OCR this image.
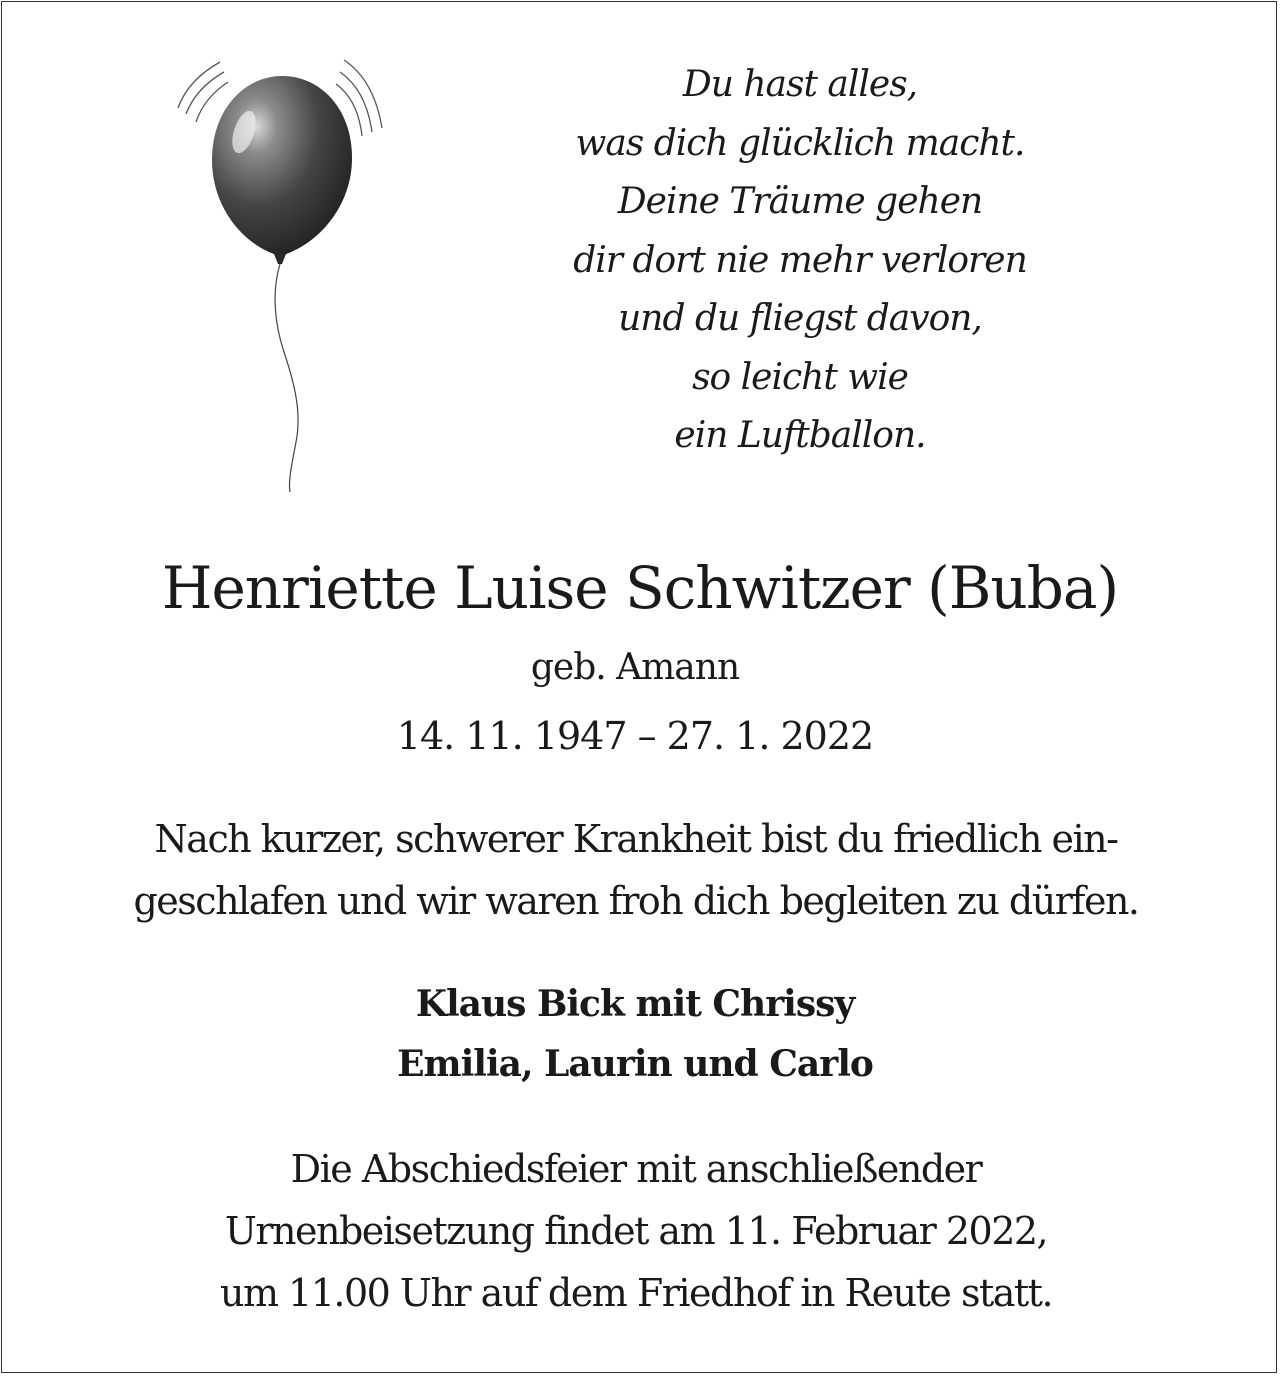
Du hast alles,
was dich glücklich macht.
Deine Träume gehen
dir dort nie mehr verloren
und du fliegst davon,
so leicht wie
ein Luftballon.
Henriette Luise Schwitzer (Buba)
geb. Amann
14. 11. 1947 – 27. 1. 2022
Nach kurzer, schwerer Krankheit bist du friedlich ein-
geschlafen und wir waren froh dich begleiten zu dürfen.
Klaus Bick mit Chrissy
Emilia, Laurin und Carlo
Die Abschiedsfeier mit anschließender
Urnenbeisetzung findet am 11. Februar 2022,
um 11.00 Uhr auf dem Friedhof in Reute statt.
